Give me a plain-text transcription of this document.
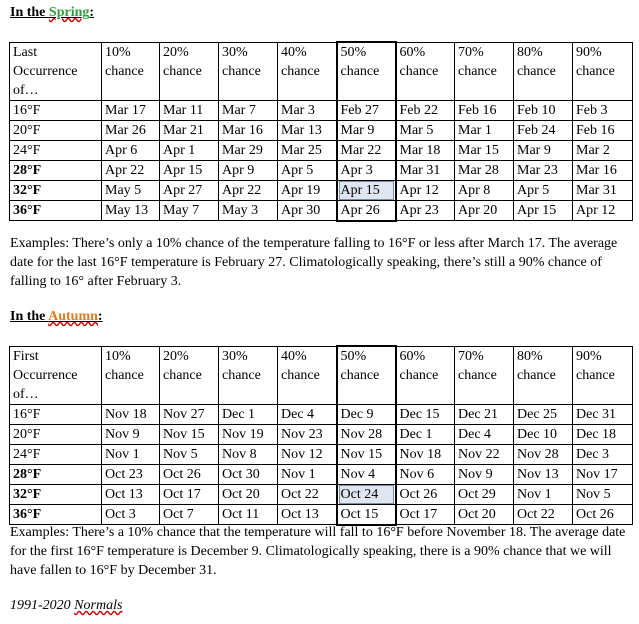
In the Spring:
Last Occurrence of…	10% chance	20% chance	30% chance	40% chance	50% chance	60% chance	70% chance	80% chance	90% chance
16°F	Mar 17	Mar 11	Mar 7	Mar 3	Feb 27	Feb 22	Feb 16	Feb 10	Feb 3
20°F	Mar 26	Mar 21	Mar 16	Mar 13	Mar 9	Mar 5	Mar 1	Feb 24	Feb 16
24°F	Apr 6	Apr 1	Mar 29	Mar 25	Mar 22	Mar 18	Mar 15	Mar 9	Mar 2
28°F	Apr 22	Apr 15	Apr 9	Apr 5	Apr 3	Mar 31	Mar 28	Mar 23	Mar 16
32°F	May 5	Apr 27	Apr 22	Apr 19	Apr 15	Apr 12	Apr 8	Apr 5	Mar 31
36°F	May 13	May 7	May 3	Apr 30	Apr 26	Apr 23	Apr 20	Apr 15	Apr 12
Examples: There’s only a 10% chance of the temperature falling to 16°F or less after March 17. The average date for the last 16°F temperature is February 27. Climatologically speaking, there’s still a 90% chance of falling to 16° after February 3.
In the Autumn:
First Occurrence of…	10% chance	20% chance	30% chance	40% chance	50% chance	60% chance	70% chance	80% chance	90% chance
16°F	Nov 18	Nov 27	Dec 1	Dec 4	Dec 9	Dec 15	Dec 21	Dec 25	Dec 31
20°F	Nov 9	Nov 15	Nov 19	Nov 23	Nov 28	Dec 1	Dec 4	Dec 10	Dec 18
24°F	Nov 1	Nov 5	Nov 8	Nov 12	Nov 15	Nov 18	Nov 22	Nov 28	Dec 3
28°F	Oct 23	Oct 26	Oct 30	Nov 1	Nov 4	Nov 6	Nov 9	Nov 13	Nov 17
32°F	Oct 13	Oct 17	Oct 20	Oct 22	Oct 24	Oct 26	Oct 29	Nov 1	Nov 5
36°F	Oct 3	Oct 7	Oct 11	Oct 13	Oct 15	Oct 17	Oct 20	Oct 22	Oct 26
Examples: There’s a 10% chance that the temperature will fall to 16°F before November 18. The average date for the first 16°F temperature is December 9. Climatologically speaking, there is a 90% chance that we will have fallen to 16°F by December 31.
1991-2020 Normals
